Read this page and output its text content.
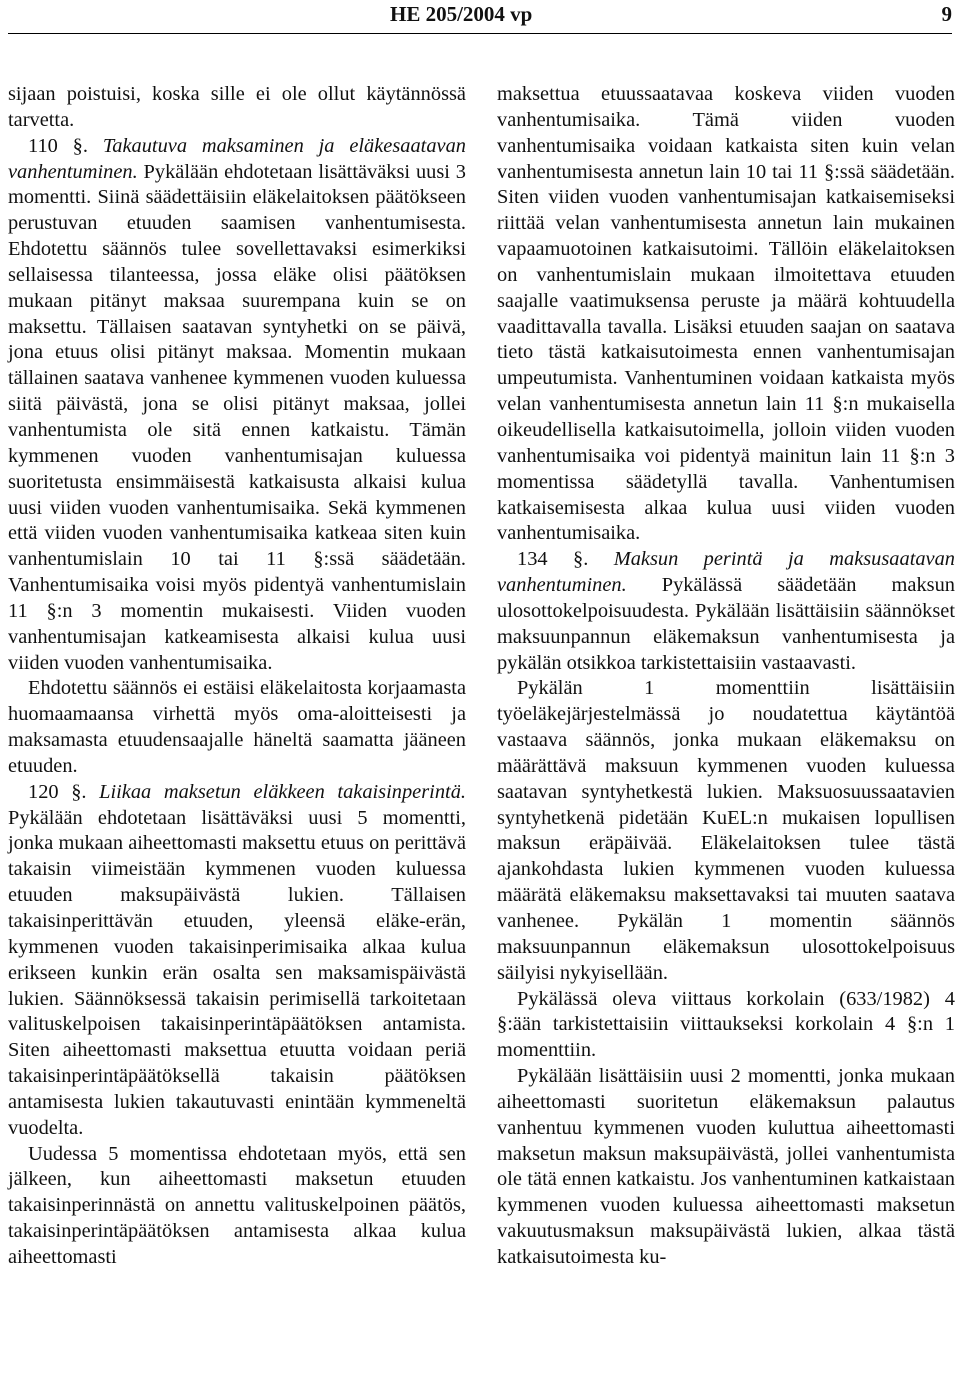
HE 205/2004 vp	9

sijaan poistuisi, koska sille ei ole ollut käytännössä tarvetta.

110 §. Takautuva maksaminen ja eläkesaatavan vanhentuminen. Pykälään ehdotetaan lisättäväksi uusi 3 momentti. Siinä säädettäisiin eläkelaitoksen päätökseen perustuvan etuuden saamisen vanhentumisesta. Ehdotettu säännös tulee sovellettavaksi esimerkiksi sellaisessa tilanteessa, jossa eläke olisi päätöksen mukaan pitänyt maksaa suurempana kuin se on maksettu. Tällaisen saatavan syntyhetki on se päivä, jona etuus olisi pitänyt maksaa. Momentin mukaan tällainen saatava vanhenee kymmenen vuoden kuluessa siitä päivästä, jona se olisi pitänyt maksaa, jollei vanhentumista ole sitä ennen katkaistu. Tämän kymmenen vuoden vanhentumisajan kuluessa suoritetusta ensimmäisestä katkaisusta alkaisi kulua uusi viiden vuoden vanhentumisaika. Sekä kymmenen että viiden vuoden vanhentumisaika katkeaa siten kuin vanhentumislain 10 tai 11 §:ssä säädetään. Vanhentumisaika voisi myös pidentyä vanhentumislain 11 §:n 3 momentin mukaisesti. Viiden vuoden vanhentumisajan katkeamisesta alkaisi kulua uusi viiden vuoden vanhentumisaika.

Ehdotettu säännös ei estäisi eläkelaitosta korjaamasta huomaamaansa virhettä myös oma-aloitteisesti ja maksamasta etuudensaajalle häneltä saamatta jääneen etuuden.

120 §. Liikaa maksetun eläkkeen takaisinperintä. Pykälään ehdotetaan lisättäväksi uusi 5 momentti, jonka mukaan aiheettomasti maksettu etuus on perittävä takaisin viimeistään kymmenen vuoden kuluessa etuuden maksupäivästä lukien. Tällaisen takaisinperittävän etuuden, yleensä eläke-erän, kymmenen vuoden takaisinperimisaika alkaa kulua erikseen kunkin erän osalta sen maksamispäivästä lukien. Säännöksessä takaisin perimisellä tarkoitetaan valituskelpoisen takaisinperintäpäätöksen antamista. Siten aiheettomasti maksettua etuutta voidaan periä takaisinperintäpäätöksellä takaisin päätöksen antamisesta lukien takautuvasti enintään kymmeneltä vuodelta.

Uudessa 5 momentissa ehdotetaan myös, että sen jälkeen, kun aiheettomasti maksetun etuuden takaisinperinnästä on annettu valituskelpoinen päätös, takaisinperintäpäätöksen antamisesta alkaa kulua aiheettomasti

maksettua etuussaatavaa koskeva viiden vuoden vanhentumisaika. Tämä viiden vuoden vanhentumisaika voidaan katkaista siten kuin velan vanhentumisesta annetun lain 10 tai 11 §:ssä säädetään. Siten viiden vuoden vanhentumisajan katkaisemiseksi riittää velan vanhentumisesta annetun lain mukainen vapaamuotoinen katkaisutoimi. Tällöin eläkelaitoksen on vanhentumislain mukaan ilmoitettava etuuden saajalle vaatimuksensa peruste ja määrä kohtuudella vaadittavalla tavalla. Lisäksi etuuden saajan on saatava tieto tästä katkaisutoimesta ennen vanhentumisajan umpeutumista. Vanhentuminen voidaan katkaista myös velan vanhentumisesta annetun lain 11 §:n mukaisella oikeudellisella katkaisutoimella, jolloin viiden vuoden vanhentumisaika voi pidentyä mainitun lain 11 §:n 3 momentissa säädetyllä tavalla. Vanhentumisen katkaisemisesta alkaa kulua uusi viiden vuoden vanhentumisaika.

134 §. Maksun perintä ja maksusaatavan vanhentuminen. Pykälässä säädetään maksun ulosottokelpoisuudesta. Pykälään lisättäisiin säännökset maksuunpannun eläkemaksun vanhentumisesta ja pykälän otsikkoa tarkistettaisiin vastaavasti.

Pykälän 1 momenttiin lisättäisiin työeläkejärjestelmässä jo noudatettua käytäntöä vastaava säännös, jonka mukaan eläkemaksu on määrättävä maksuun kymmenen vuoden kuluessa saatavan syntyhetkestä lukien. Maksuosuussaatavien syntyhetkenä pidetään KuEL:n mukaisen lopullisen maksun eräpäivää. Eläkelaitoksen tulee tästä ajankohdasta lukien kymmenen vuoden kuluessa määrätä eläkemaksu maksettavaksi tai muuten saatava vanhenee. Pykälän 1 momentin säännös maksuunpannun eläkemaksun ulosottokelpoisuus säilyisi nykyisellään.

Pykälässä oleva viittaus korkolain (633/1982) 4 §:ään tarkistettaisiin viittaukseksi korkolain 4 §:n 1 momenttiin.

Pykälään lisättäisiin uusi 2 momentti, jonka mukaan aiheettomasti suoritetun eläkemaksun palautus vanhentuu kymmenen vuoden kuluttua aiheettomasti maksetun maksun maksupäivästä, jollei vanhentumista ole tätä ennen katkaistu. Jos vanhentuminen katkaistaan kymmenen vuoden kuluessa aiheettomasti maksetun vakuutusmaksun maksupäivästä lukien, alkaa tästä katkaisutoimesta ku-
